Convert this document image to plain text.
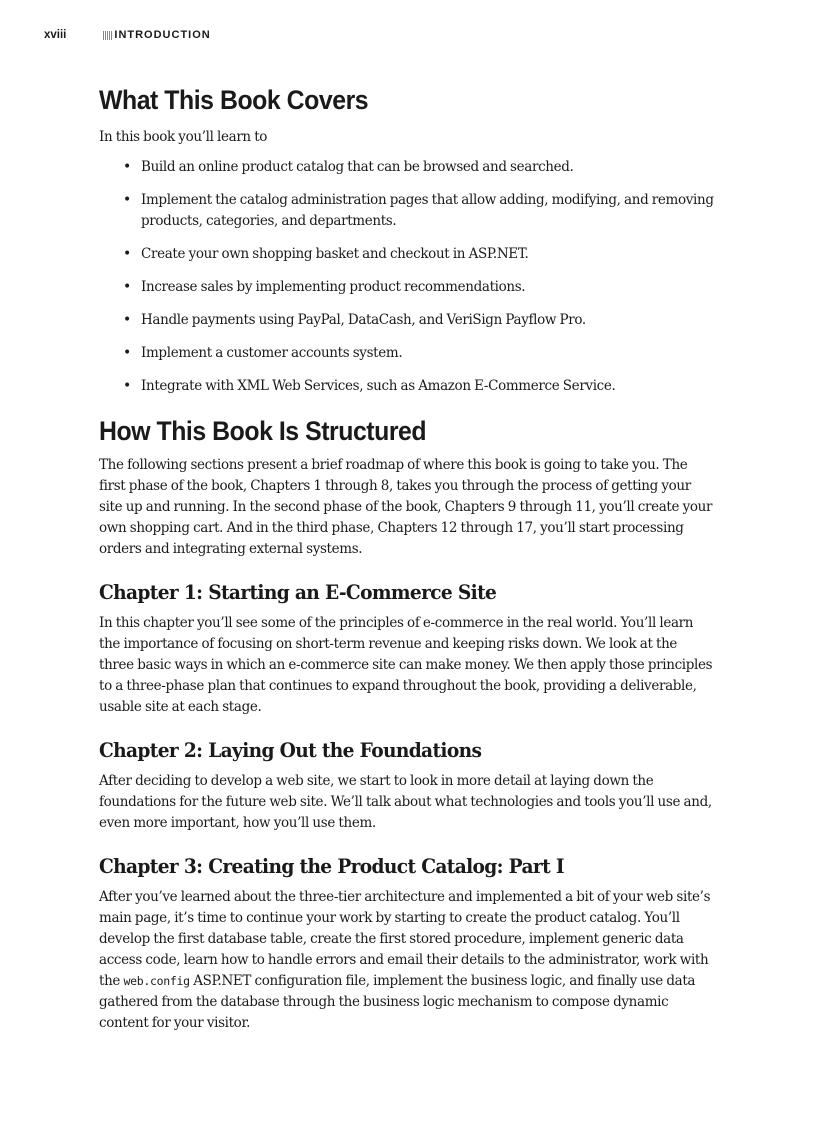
xviii	INTRODUCTION
What This Book Covers

In this book you’ll learn to

• Build an online product catalog that can be browsed and searched.
• Implement the catalog administration pages that allow adding, modifying, and removing products, categories, and departments.
• Create your own shopping basket and checkout in ASP.NET.
• Increase sales by implementing product recommendations.
• Handle payments using PayPal, DataCash, and VeriSign Payflow Pro.
• Implement a customer accounts system.
• Integrate with XML Web Services, such as Amazon E-Commerce Service.
How This Book Is Structured

The following sections present a brief roadmap of where this book is going to take you. The first phase of the book, Chapters 1 through 8, takes you through the process of getting your site up and running. In the second phase of the book, Chapters 9 through 11, you’ll create your own shopping cart. And in the third phase, Chapters 12 through 17, you’ll start processing orders and integrating external systems.

Chapter 1: Starting an E-Commerce Site

In this chapter you’ll see some of the principles of e-commerce in the real world. You’ll learn the importance of focusing on short-term revenue and keeping risks down. We look at the three basic ways in which an e-commerce site can make money. We then apply those principles to a three-phase plan that continues to expand throughout the book, providing a deliverable, usable site at each stage.

Chapter 2: Laying Out the Foundations

After deciding to develop a web site, we start to look in more detail at laying down the foundations for the future web site. We’ll talk about what technologies and tools you’ll use and, even more important, how you’ll use them.

Chapter 3: Creating the Product Catalog: Part I

After you’ve learned about the three-tier architecture and implemented a bit of your web site’s main page, it’s time to continue your work by starting to create the product catalog. You’ll develop the first database table, create the first stored procedure, implement generic data access code, learn how to handle errors and email their details to the administrator, work with the web.config ASP.NET configuration file, implement the business logic, and finally use data gathered from the database through the business logic mechanism to compose dynamic content for your visitor.
